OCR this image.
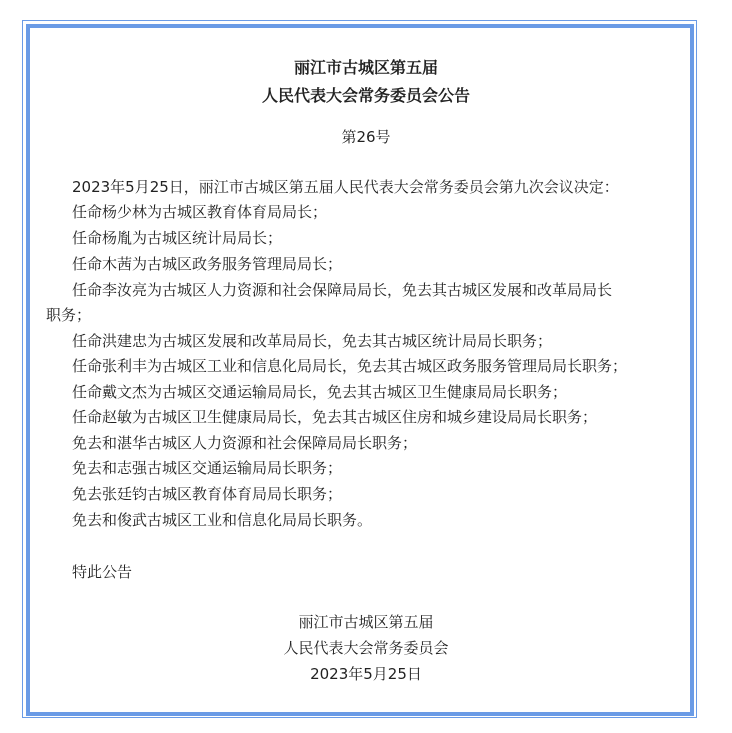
丽江市古城区第五届
人民代表大会常务委员会公告
第26号
2023年5月25日，丽江市古城区第五届人民代表大会常务委员会第九次会议决定：
任命杨少林为古城区教育体育局局长；
任命杨胤为古城区统计局局长；
任命木茜为古城区政务服务管理局局长；
任命李汝亮为古城区人力资源和社会保障局局长，免去其古城区发展和改革局局长
职务；
任命洪建忠为古城区发展和改革局局长，免去其古城区统计局局长职务；
任命张利丰为古城区工业和信息化局局长，免去其古城区政务服务管理局局长职务；
任命戴文杰为古城区交通运输局局长，免去其古城区卫生健康局局长职务；
任命赵敏为古城区卫生健康局局长，免去其古城区住房和城乡建设局局长职务；
免去和湛华古城区人力资源和社会保障局局长职务；
免去和志强古城区交通运输局局长职务；
免去张廷钧古城区教育体育局局长职务；
免去和俊武古城区工业和信息化局局长职务。
特此公告
丽江市古城区第五届
人民代表大会常务委员会
2023年5月25日
